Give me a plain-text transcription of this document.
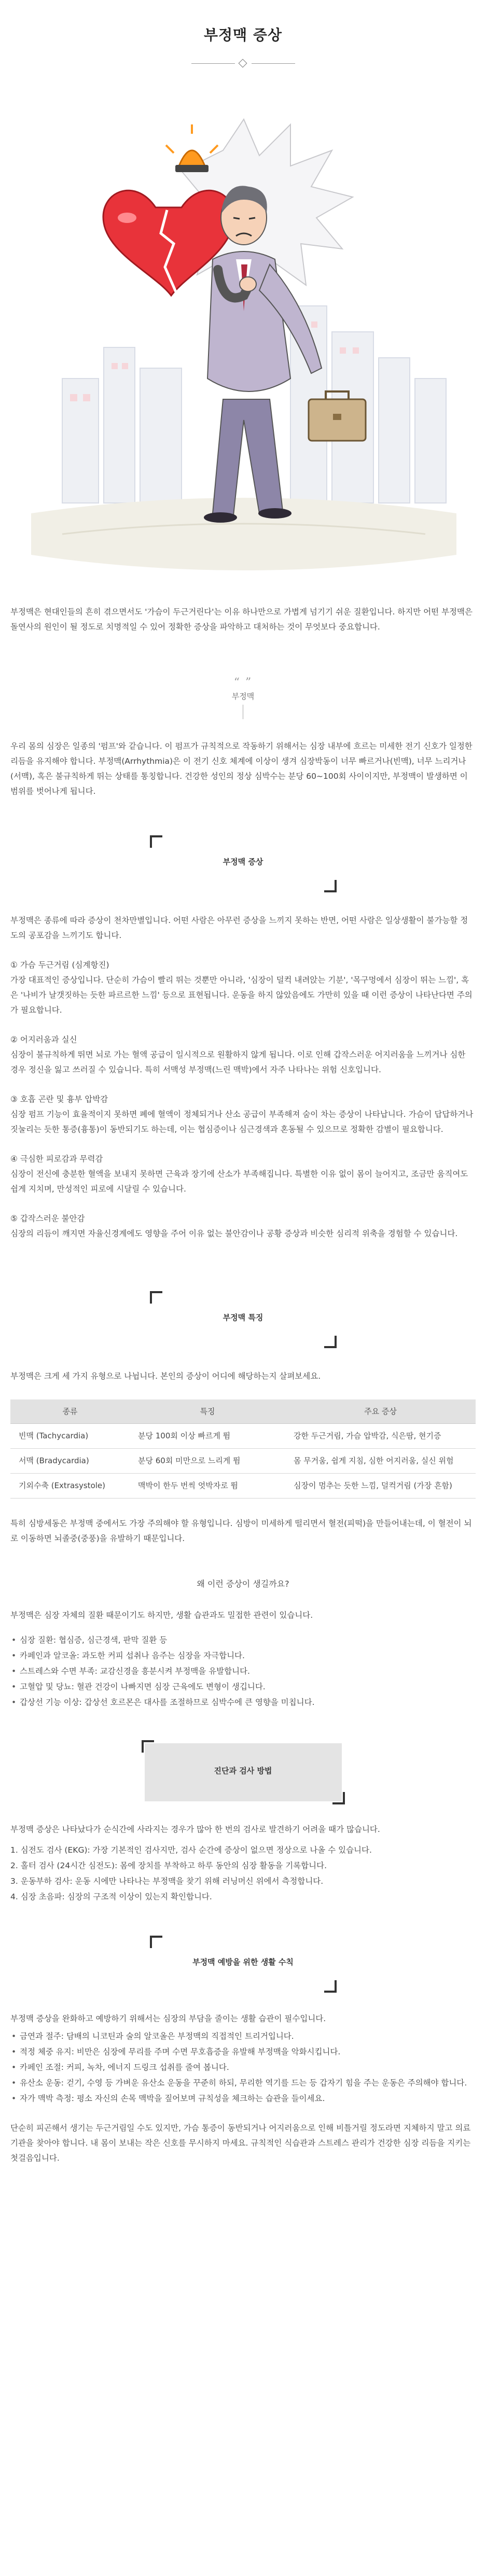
부정맥 증상

부정맥은 현대인들의 흔히 겪으면서도 '가슴이 두근거린다'는 이유 하나만으로 가볍게 넘기기 쉬운 질환입니다. 하지만 어떤 부정맥은 돌연사의 원인이 될 정도로 치명적일 수 있어 정확한 증상을 파악하고 대처하는 것이 무엇보다 중요합니다.

“ ”
부정맥

우리 몸의 심장은 일종의 '펌프'와 같습니다. 이 펌프가 규칙적으로 작동하기 위해서는 심장 내부에 흐르는 미세한 전기 신호가 일정한 리듬을 유지해야 합니다. 부정맥(Arrhythmia)은 이 전기 신호 체계에 이상이 생겨 심장박동이 너무 빠르거나(빈맥), 너무 느리거나(서맥), 혹은 불규칙하게 뛰는 상태를 통칭합니다. 건강한 성인의 정상 심박수는 분당 60~100회 사이이지만, 부정맥이 발생하면 이 범위를 벗어나게 됩니다.

부정맥 증상

부정맥은 종류에 따라 증상이 천차만별입니다. 어떤 사람은 아무런 증상을 느끼지 못하는 반면, 어떤 사람은 일상생활이 불가능할 정도의 공포감을 느끼기도 합니다.

① 가슴 두근거림 (심계항진)

가장 대표적인 증상입니다. 단순히 가슴이 빨리 뛰는 것뿐만 아니라, '심장이 덜컥 내려앉는 기분', '목구멍에서 심장이 뛰는 느낌', 혹은 '나비가 날갯짓하는 듯한 파르르한 느낌' 등으로 표현됩니다. 운동을 하지 않았음에도 가만히 있을 때 이런 증상이 나타난다면 주의가 필요합니다.

② 어지러움과 실신

심장이 불규칙하게 뛰면 뇌로 가는 혈액 공급이 일시적으로 원활하지 않게 됩니다. 이로 인해 갑작스러운 어지러움을 느끼거나 심한 경우 정신을 잃고 쓰러질 수 있습니다. 특히 서맥성 부정맥(느린 맥박)에서 자주 나타나는 위험 신호입니다.

③ 호흡 곤란 및 흉부 압박감

심장 펌프 기능이 효율적이지 못하면 폐에 혈액이 정체되거나 산소 공급이 부족해져 숨이 차는 증상이 나타납니다. 가슴이 답답하거나 짓눌리는 듯한 통증(흉통)이 동반되기도 하는데, 이는 협심증이나 심근경색과 혼동될 수 있으므로 정확한 감별이 필요합니다.

④ 극심한 피로감과 무력감

심장이 전신에 충분한 혈액을 보내지 못하면 근육과 장기에 산소가 부족해집니다. 특별한 이유 없이 몸이 늘어지고, 조금만 움직여도 쉽게 지치며, 만성적인 피로에 시달릴 수 있습니다.

⑤ 갑작스러운 불안감

심장의 리듬이 깨지면 자율신경계에도 영향을 주어 이유 없는 불안감이나 공황 증상과 비슷한 심리적 위축을 경험할 수 있습니다.

부정맥 특징

부정맥은 크게 세 가지 유형으로 나뉩니다. 본인의 증상이 어디에 해당하는지 살펴보세요.

종류	특징	주요 증상
빈맥 (Tachycardia)	분당 100회 이상 빠르게 뜀	강한 두근거림, 가슴 압박감, 식은땀, 현기증
서맥 (Bradycardia)	분당 60회 미만으로 느리게 뜀	몸 무거움, 쉽게 지침, 심한 어지러움, 실신 위험
기외수축 (Extrasystole)	맥박이 한두 번씩 엇박자로 뜀	심장이 멈추는 듯한 느낌, 덜컥거림 (가장 흔함)

특히 심방세동은 부정맥 중에서도 가장 주의해야 할 유형입니다. 심방이 미세하게 떨리면서 혈전(피떡)을 만들어내는데, 이 혈전이 뇌로 이동하면 뇌졸중(중풍)을 유발하기 때문입니다.

왜 이런 증상이 생길까요?

부정맥은 심장 자체의 질환 때문이기도 하지만, 생활 습관과도 밀접한 관련이 있습니다.

• 심장 질환: 협심증, 심근경색, 판막 질환 등
• 카페인과 알코올: 과도한 커피 섭취나 음주는 심장을 자극합니다.
• 스트레스와 수면 부족: 교감신경을 흥분시켜 부정맥을 유발합니다.
• 고혈압 및 당뇨: 혈관 건강이 나빠지면 심장 근육에도 변형이 생깁니다.
• 갑상선 기능 이상: 갑상선 호르몬은 대사를 조절하므로 심박수에 큰 영향을 미칩니다.
진단과 검사 방법

부정맥 증상은 나타났다가 순식간에 사라지는 경우가 많아 한 번의 검사로 발견하기 어려울 때가 많습니다.

1. 심전도 검사 (EKG): 가장 기본적인 검사지만, 검사 순간에 증상이 없으면 정상으로 나올 수 있습니다.
2. 홀터 검사 (24시간 심전도): 몸에 장치를 부착하고 하루 동안의 심장 활동을 기록합니다.
3. 운동부하 검사: 운동 시에만 나타나는 부정맥을 찾기 위해 러닝머신 위에서 측정합니다.
4. 심장 초음파: 심장의 구조적 이상이 있는지 확인합니다.
부정맥 예방을 위한 생활 수칙

부정맥 증상을 완화하고 예방하기 위해서는 심장의 부담을 줄이는 생활 습관이 필수입니다.

• 금연과 절주: 담배의 니코틴과 술의 알코올은 부정맥의 직접적인 트리거입니다.
• 적정 체중 유지: 비만은 심장에 무리를 주며 수면 무호흡증을 유발해 부정맥을 악화시킵니다.
• 카페인 조절: 커피, 녹차, 에너지 드링크 섭취를 줄여 봅니다.
• 유산소 운동: 걷기, 수영 등 가벼운 유산소 운동을 꾸준히 하되, 무리한 역기를 드는 등 갑자기 힘을 주는 운동은 주의해야 합니다.
• 자가 맥박 측정: 평소 자신의 손목 맥박을 짚어보며 규칙성을 체크하는 습관을 들이세요.

단순히 피곤해서 생기는 두근거림일 수도 있지만, 가슴 통증이 동반되거나 어지러움으로 인해 비틀거릴 정도라면 지체하지 말고 의료기관을 찾아야 합니다. 내 몸이 보내는 작은 신호를 무시하지 마세요. 규칙적인 식습관과 스트레스 관리가 건강한 심장 리듬을 지키는 첫걸음입니다.
